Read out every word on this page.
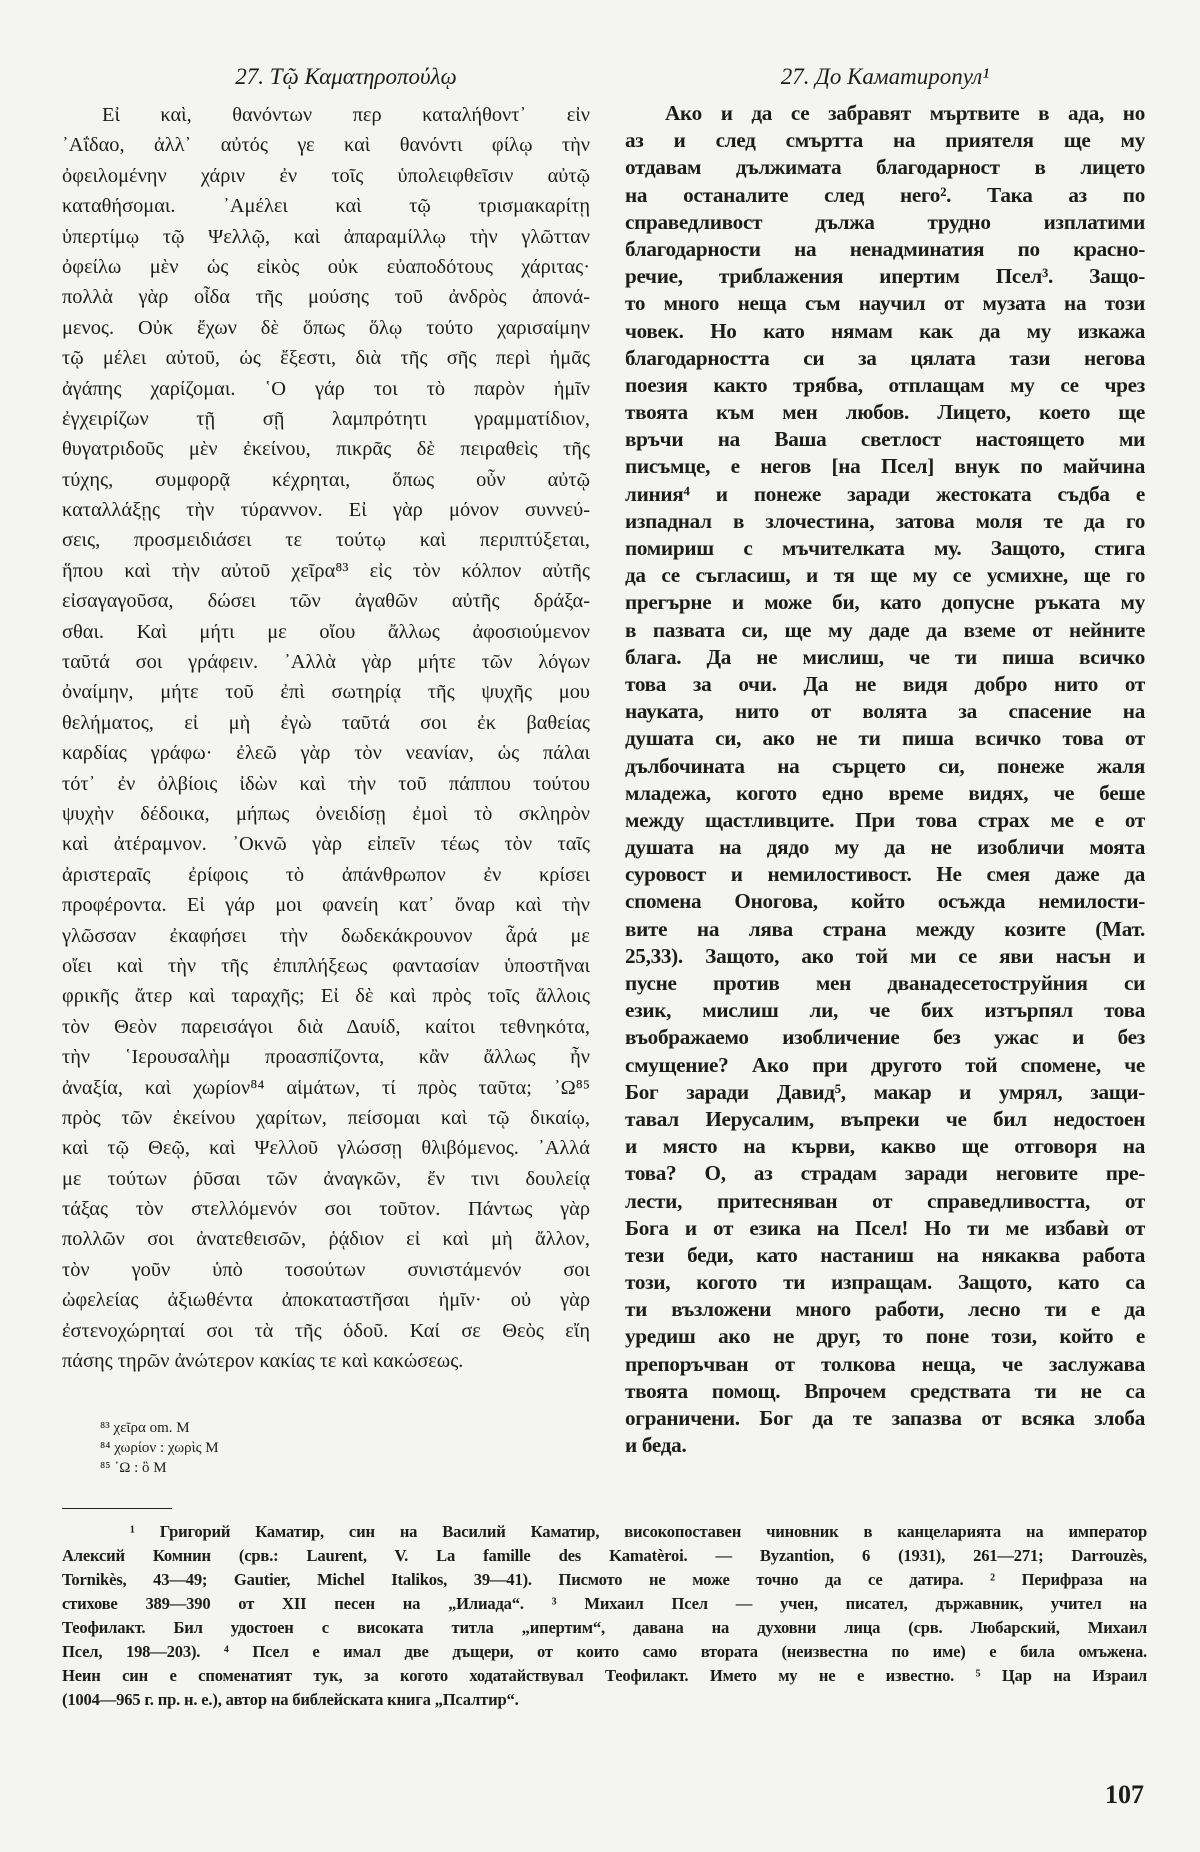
27. Τῷ Καματηροπούλῳ
Εἰ καὶ, θανόντων περ καταλήθοντ᾽ εἰν
᾽Αΐδαο, ἀλλ᾽ αὐτός γε καὶ θανόντι φίλῳ τὴν
ὀφειλομένην χάριν ἐν τοῖς ὑπολειφθεῖσιν αὐτῷ
καταθήσομαι. ᾽Αμέλει καὶ τῷ τρισμακαρίτῃ
ὑπερτίμῳ τῷ Ψελλῷ, καὶ ἀπαραμίλλῳ τὴν γλῶτταν
ὀφείλω μὲν ὡς εἰκὸς οὐκ εὐαποδότους χάριτας·
πολλὰ γὰρ οἶδα τῆς μούσης τοῦ ἀνδρὸς ἀπονά-
μενος. Οὐκ ἔχων δὲ ὅπως ὅλῳ τούτο χαρισαίμην
τῷ μέλει αὐτοῦ, ὡς ἔξεστι, διὰ τῆς σῆς περὶ ἡμᾶς
ἀγάπης χαρίζομαι. ῾Ο γάρ τοι τὸ παρὸν ἡμῖν
ἐγχειρίζων τῇ σῇ λαμπρότητι γραμματίδιον,
θυγατριδοῦς μὲν ἐκείνου, πικρᾶς δὲ πειραθεὶς τῆς
τύχης, συμφορᾷ κέχρηται, ὅπως οὖν αὐτῷ
καταλλάξῃς τὴν τύραννον. Εἰ γὰρ μόνον συννεύ-
σεις, προσμειδιάσει τε τούτῳ καὶ περιπτύξεται,
ἥπου καὶ τὴν αὐτοῦ χεῖρα⁸³ εἰς τὸν κόλπον αὐτῆς
εἰσαγαγοῦσα, δώσει τῶν ἀγαθῶν αὐτῆς δράξα-
σθαι. Καὶ μήτι με οἴου ἄλλως ἀφοσιούμενον
ταῦτά σοι γράφειν. ᾽Αλλὰ γὰρ μήτε τῶν λόγων
ὀναίμην, μήτε τοῦ ἐπὶ σωτηρίᾳ τῆς ψυχῆς μου
θελήματος, εἰ μὴ ἐγὼ ταῦτά σοι ἐκ βαθείας
καρδίας γράφω· ἐλεῶ γὰρ τὸν νεανίαν, ὡς πάλαι
τότ᾽ ἐν ὀλβίοις ἰδὼν καὶ τὴν τοῦ πάππου τούτου
ψυχὴν δέδοικα, μήπως ὀνειδίσῃ ἐμοὶ τὸ σκληρὸν
καὶ ἀτέραμνον. ᾽Οκνῶ γὰρ εἰπεῖν τέως τὸν ταῖς
ἀριστεραῖς ἐρίφοις τὸ ἀπάνθρωπον ἐν κρίσει
προφέροντα. Εἰ γάρ μοι φανείη κατ᾽ ὄναρ καὶ τὴν
γλῶσσαν ἐκαφήσει τὴν δωδεκάκρουνον ἆρά με
οἴει καὶ τὴν τῆς ἐπιπλήξεως φαντασίαν ὑποστῆναι
φρικῆς ἄτερ καὶ ταραχῆς; Εἰ δὲ καὶ πρὸς τοῖς ἄλλοις
τὸν Θεὸν παρεισάγοι διὰ Δαυίδ, καίτοι τεθνηκότα,
τὴν ῾Ιερουσαλὴμ προασπίζοντα, κἂν ἄλλως ἦν
ἀναξία, καὶ χωρίον⁸⁴ αἱμάτων, τί πρὸς ταῦτα; ᾽Ω⁸⁵
πρὸς τῶν ἐκείνου χαρίτων, πείσομαι καὶ τῷ δικαίῳ,
καὶ τῷ Θεῷ, καὶ Ψελλοῦ γλώσσῃ θλιβόμενος. ᾽Αλλά
με τούτων ῥῦσαι τῶν ἀναγκῶν, ἔν τινι δουλείᾳ
τάξας τὸν στελλόμενόν σοι τοῦτον. Πάντως γὰρ
πολλῶν σοι ἀνατεθεισῶν, ῥᾴδιον εἰ καὶ μὴ ἄλλον,
τὸν γοῦν ὑπὸ τοσούτων συνιστάμενόν σοι
ὠφελείας ἀξιωθέντα ἀποκαταστῆσαι ἡμῖν· οὐ γὰρ
ἐστενοχώρηταί σοι τὰ τῆς ὁδοῦ. Καί σε Θεὸς εἴη
πάσης τηρῶν ἀνώτερον κακίας τε καὶ κακώσεως.
⁸³ χεῖρα om. M
⁸⁴ χωρίον : χωρὶς M
⁸⁵ ᾽Ω : ὃ M
27. До Каматиропул¹
Ако и да се забравят мъртвите в ада, но
аз и след смъртта на приятеля ще му
отдавам дължимата благодарност в лицето
на останалите след него². Така аз по
справедливост дължа трудно изплатими
благодарности на ненадминатия по красно-
речие, триблажения ипертим Псел³. Защо-
то много неща съм научил от музата на този
човек. Но като нямам как да му изкажа
благодарността си за цялата тази негова
поезия както трябва, отплащам му се чрез
твоята към мен любов. Лицето, което ще
връчи на Ваша светлост настоящето ми
писъмце, е негов [на Псел] внук по майчина
линия⁴ и понеже заради жестоката съдба е
изпаднал в злочестина, затова моля те да го
помириш с мъчителката му. Защото, стига
да се съгласиш, и тя ще му се усмихне, ще го
прегърне и може би, като допусне ръката му
в пазвата си, ще му даде да вземе от нейните
блага. Да не мислиш, че ти пиша всичко
това за очи. Да не видя добро нито от
науката, нито от волята за спасение на
душата си, ако не ти пиша всичко това от
дълбочината на сърцето си, понеже жаля
младежа, когото едно време видях, че беше
между щастливците. При това страх ме е от
душата на дядо му да не изобличи моята
суровост и немилостивост. Не смея даже да
спомена Оногова, който осъжда немилости-
вите на лява страна между козите (Мат.
25,33). Защото, ако той ми се яви насън и
пусне против мен дванадесетоструйния си
език, мислиш ли, че бих изтърпял това
въображаемо изобличение без ужас и без
смущение? Ако при другото той спомене, че
Бог заради Давид⁵, макар и умрял, защи-
тавал Иерусалим, въпреки че бил недостоен
и място на кърви, какво ще отговоря на
това? О, аз страдам заради неговите пре-
лести, притесняван от справедливостта, от
Бога и от езика на Псел! Но ти ме избавѝ от
тези беди, като настаниш на някаква работа
този, когото ти изпращам. Защото, като са
ти възложени много работи, лесно ти е да
уредиш ако не друг, то поне този, който е
препоръчван от толкова неща, че заслужава
твоята помощ. Впрочем средствата ти не са
ограничени. Бог да те запазва от всяка злоба
и беда.
¹ Григорий Каматир, син на Василий Каматир, високопоставен чиновник в канцеларията на император
Алексий Комнин (срв.: Laurent, V. La famille des Kamatèroi. — Byzantion, 6 (1931), 261—271; Darrouzès,
Tornikès, 43—49; Gautier, Michel Italikos, 39—41). Писмото не може точно да се датира. ² Перифраза на
стихове 389—390 от XII песен на „Илиада“. ³ Михаил Псел — учен, писател, държавник, учител на
Теофилакт. Бил удостоен с високата титла „ипертим“, давана на духовни лица (срв. Любарский, Михаил
Псел, 198—203). ⁴ Псел е имал две дъщери, от които само втората (неизвестна по име) е била омъжена.
Неин син е споменатият тук, за когото ходатайствувал Теофилакт. Името му не е известно. ⁵ Цар на Израил
(1004—965 г. пр. н. е.), автор на библейската книга „Псалтир“.
107
